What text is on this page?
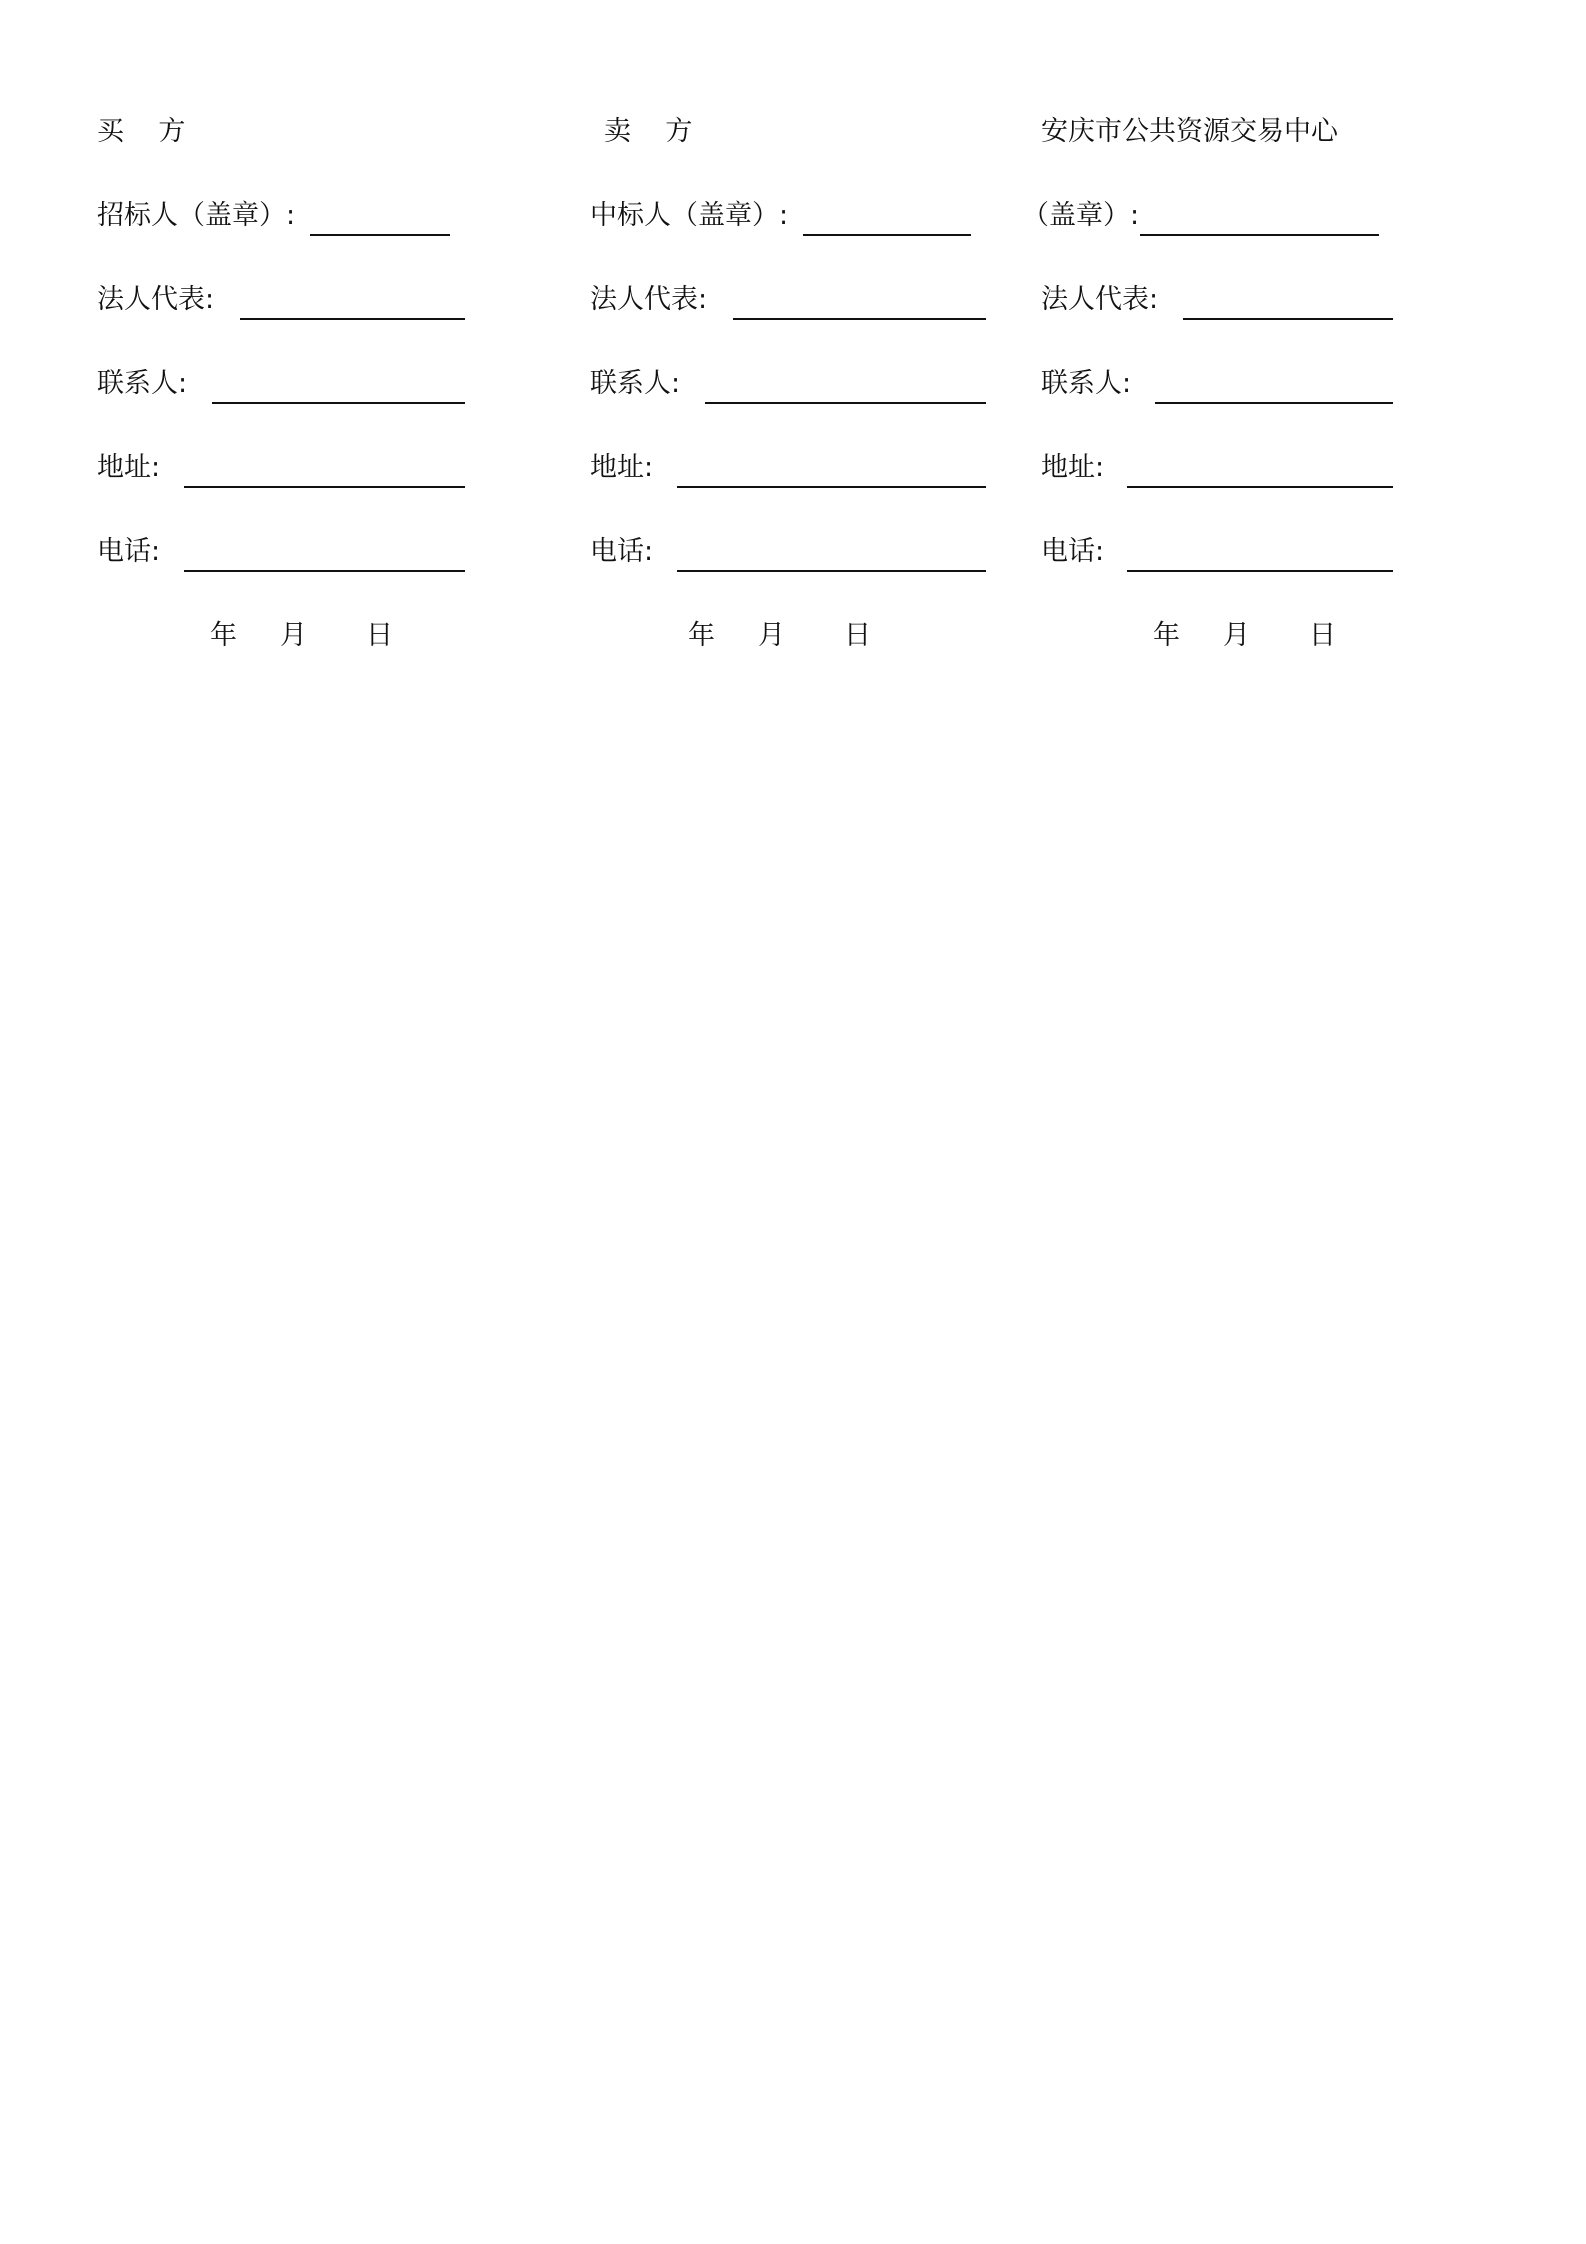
买    方
招标人（盖章）:
法人代表:
联系人:
地址:
电话:
年 月 日
卖    方
中标人（盖章）:
法人代表:
联系人:
地址:
电话:
年 月 日
安庆市公共资源交易中心
（盖章）:
法人代表:
联系人:
地址:
电话:
年 月 日
